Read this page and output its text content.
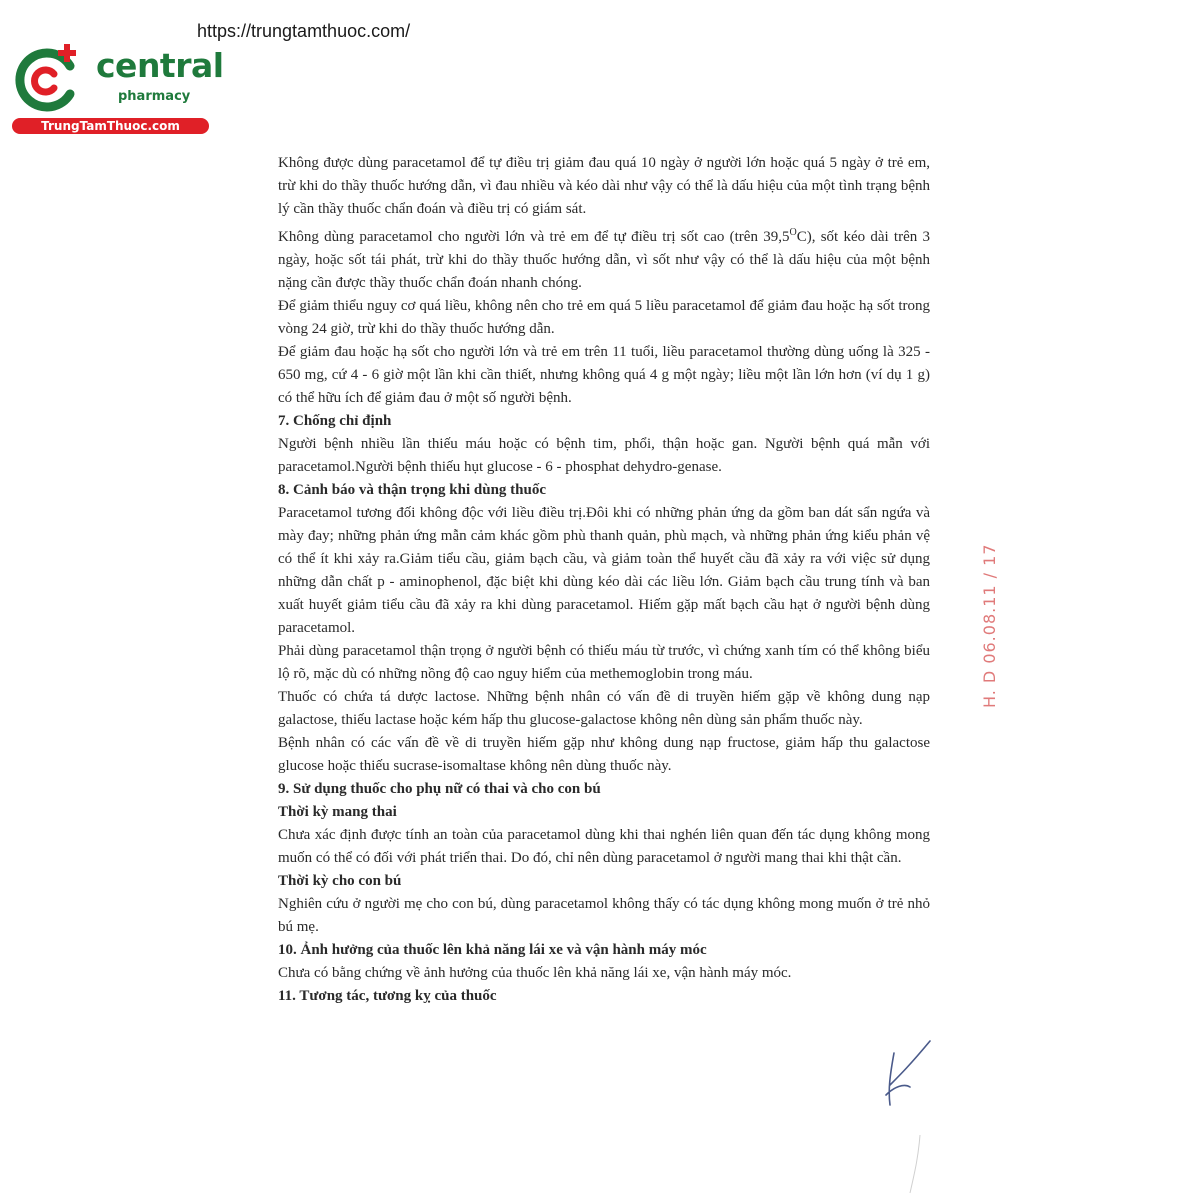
https://trungtamthuoc.com/
central
pharmacy
TrungTamThuoc.com

Không được dùng paracetamol để tự điều trị giảm đau quá 10 ngày ở người lớn hoặc quá 5 ngày ở trẻ em, trừ khi do thầy thuốc hướng dẫn, vì đau nhiều và kéo dài như vậy có thể là dấu hiệu của một tình trạng bệnh lý cần thầy thuốc chẩn đoán và điều trị có giám sát.

Không dùng paracetamol cho người lớn và trẻ em để tự điều trị sốt cao (trên $39,5^OC$), sốt kéo dài trên 3 ngày, hoặc sốt tái phát, trừ khi do thầy thuốc hướng dẫn, vì sốt như vậy có thể là dấu hiệu của một bệnh nặng cần được thầy thuốc chẩn đoán nhanh chóng.

Để giảm thiểu nguy cơ quá liều, không nên cho trẻ em quá 5 liều paracetamol để giảm đau hoặc hạ sốt trong vòng 24 giờ, trừ khi do thầy thuốc hướng dẫn.

Để giảm đau hoặc hạ sốt cho người lớn và trẻ em trên 11 tuổi, liều paracetamol thường dùng uống là 325 - 650 mg, cứ 4 - 6 giờ một lần khi cần thiết, nhưng không quá 4 g một ngày; liều một lần lớn hơn (ví dụ 1 g) có thể hữu ích để giảm đau ở một số người bệnh.

7. Chống chỉ định

Người bệnh nhiều lần thiếu máu hoặc có bệnh tim, phổi, thận hoặc gan. Người bệnh quá mẫn với paracetamol.Người bệnh thiếu hụt glucose - 6 - phosphat dehydro-genase.

8. Cảnh báo và thận trọng khi dùng thuốc

Paracetamol tương đối không độc với liều điều trị.Đôi khi có những phản ứng da gồm ban dát sẩn ngứa và mày đay; những phản ứng mẫn cảm khác gồm phù thanh quản, phù mạch, và những phản ứng kiểu phản vệ có thể ít khi xảy ra.Giảm tiểu cầu, giảm bạch cầu, và giảm toàn thể huyết cầu đã xảy ra với việc sử dụng những dẫn chất p - aminophenol, đặc biệt khi dùng kéo dài các liều lớn. Giảm bạch cầu trung tính và ban xuất huyết giảm tiểu cầu đã xảy ra khi dùng paracetamol. Hiếm gặp mất bạch cầu hạt ở người bệnh dùng paracetamol.

Phải dùng paracetamol thận trọng ở người bệnh có thiếu máu từ trước, vì chứng xanh tím có thể không biểu lộ rõ, mặc dù có những nồng độ cao nguy hiểm của methemoglobin trong máu.

Thuốc có chứa tá dược lactose. Những bệnh nhân có vấn đề di truyền hiếm gặp về không dung nạp galactose, thiếu lactase hoặc kém hấp thu glucose-galactose không nên dùng sản phẩm thuốc này.

Bệnh nhân có các vấn đề về di truyền hiếm gặp như không dung nạp fructose, giảm hấp thu galactose glucose hoặc thiếu sucrase-isomaltase không nên dùng thuốc này.

9. Sử dụng thuốc cho phụ nữ có thai và cho con bú
Thời kỳ mang thai

Chưa xác định được tính an toàn của paracetamol dùng khi thai nghén liên quan đến tác dụng không mong muốn có thể có đối với phát triển thai. Do đó, chỉ nên dùng paracetamol ở người mang thai khi thật cần.

Thời kỳ cho con bú

Nghiên cứu ở người mẹ cho con bú, dùng paracetamol không thấy có tác dụng không mong muốn ở trẻ nhỏ bú mẹ.

10. Ảnh hưởng của thuốc lên khả năng lái xe và vận hành máy móc

Chưa có bằng chứng về ảnh hưởng của thuốc lên khả năng lái xe, vận hành máy móc.

11. Tương tác, tương kỵ của thuốc
H. D 06.08.11 / 17
